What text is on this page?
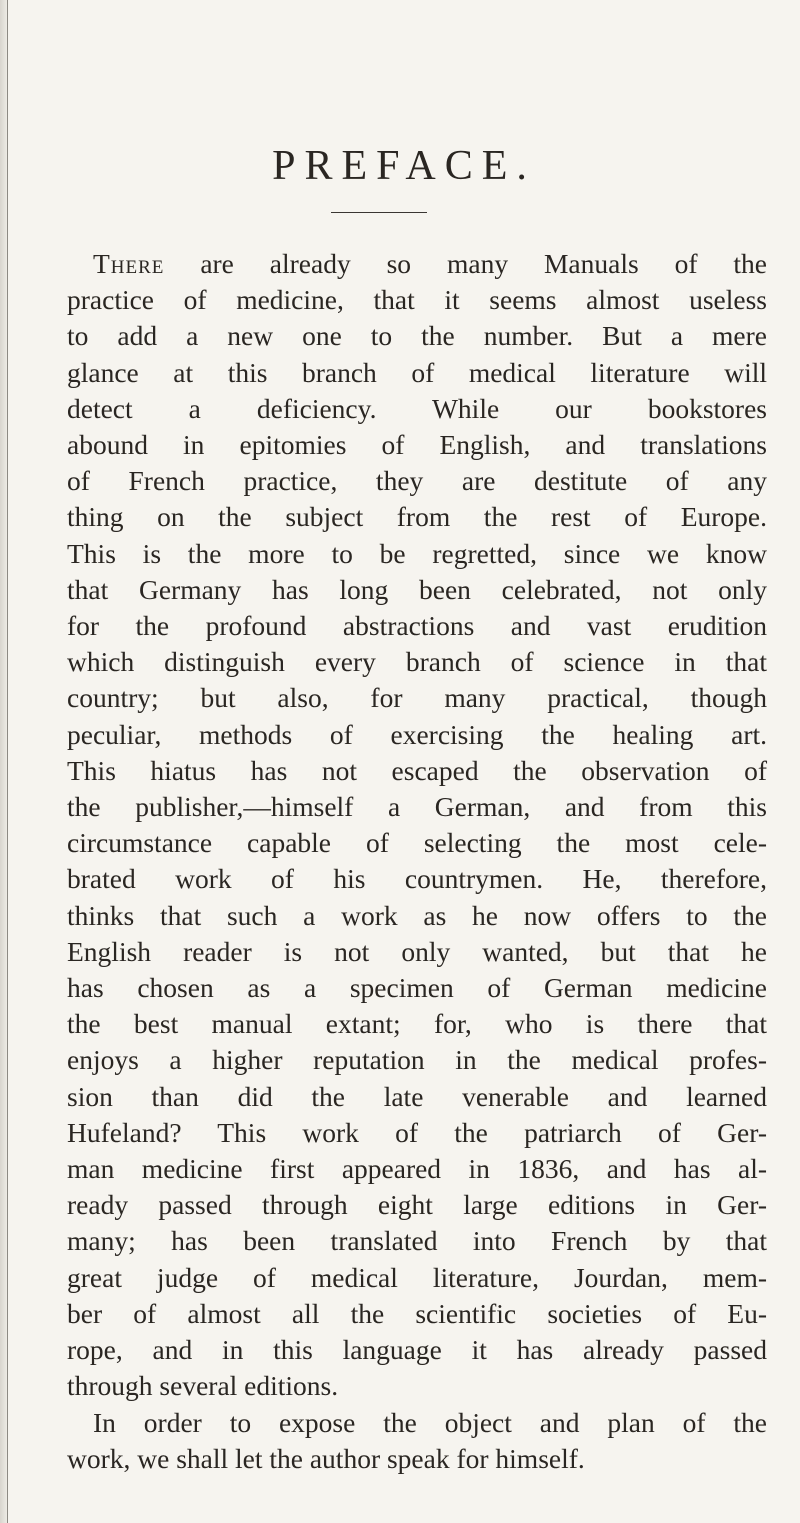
PREFACE.
There are already so many Manuals of the
practice of medicine, that it seems almost useless
to add a new one to the number. But a mere
glance at this branch of medical literature will
detect a deficiency. While our bookstores
abound in epitomies of English, and translations
of French practice, they are destitute of any
thing on the subject from the rest of Europe.
This is the more to be regretted, since we know
that Germany has long been celebrated, not only
for the profound abstractions and vast erudition
which distinguish every branch of science in that
country; but also, for many practical, though
peculiar, methods of exercising the healing art.
This hiatus has not escaped the observation of
the publisher,—himself a German, and from this
circumstance capable of selecting the most cele-
brated work of his countrymen. He, therefore,
thinks that such a work as he now offers to the
English reader is not only wanted, but that he
has chosen as a specimen of German medicine
the best manual extant; for, who is there that
enjoys a higher reputation in the medical profes-
sion than did the late venerable and learned
Hufeland? This work of the patriarch of Ger-
man medicine first appeared in 1836, and has al-
ready passed through eight large editions in Ger-
many; has been translated into French by that
great judge of medical literature, Jourdan, mem-
ber of almost all the scientific societies of Eu-
rope, and in this language it has already passed
through several editions.
In order to expose the object and plan of the
work, we shall let the author speak for himself.
